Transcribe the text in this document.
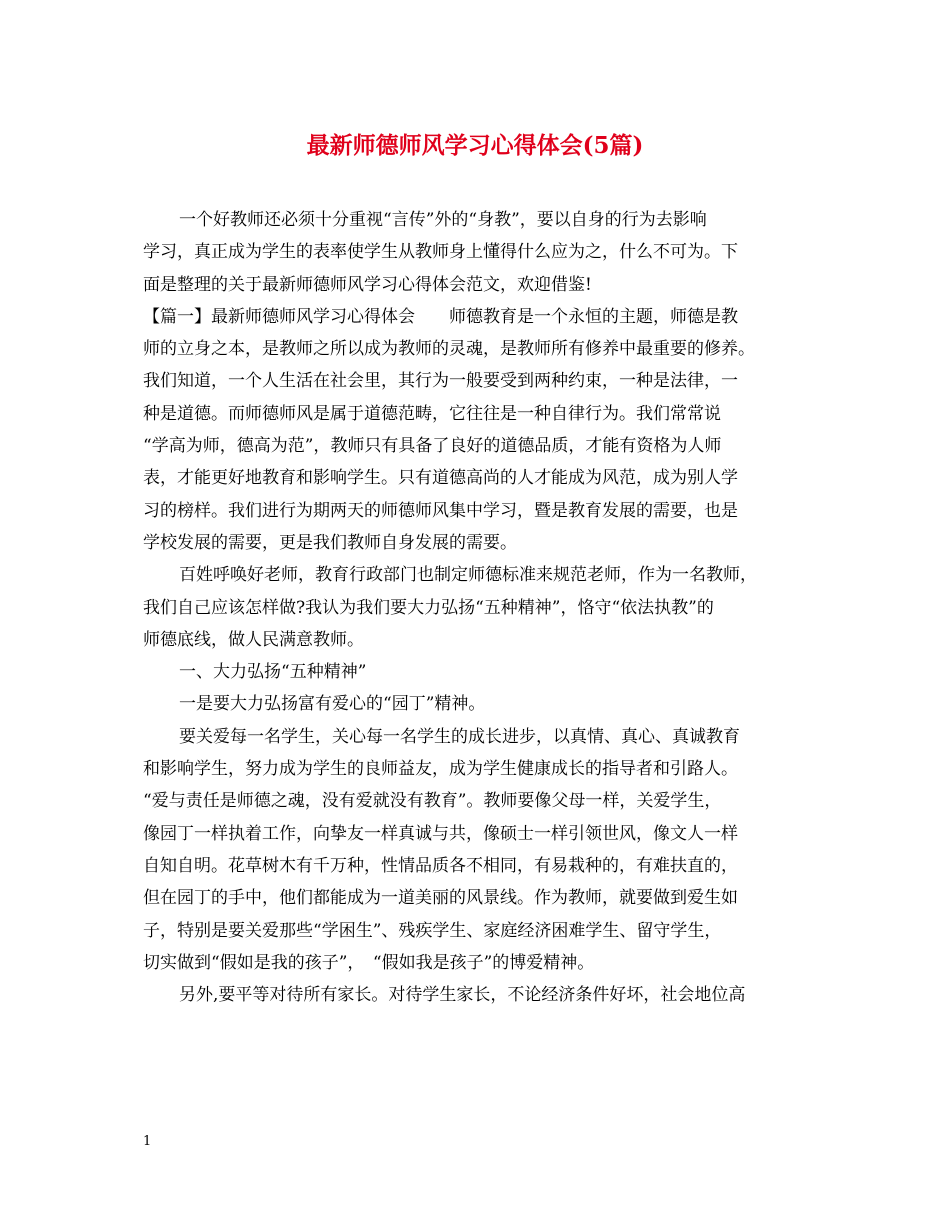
最新师德师风学习心得体会(5篇)
一个好教师还必须十分重视“言传”外的“身教”，要以自身的行为去影响
学习，真正成为学生的表率使学生从教师身上懂得什么应为之，什么不可为。下
面是整理的关于最新师德师风学习心得体会范文，欢迎借鉴!
【篇一】最新师德师风学习心得体会　　师德教育是一个永恒的主题，师德是教
师的立身之本，是教师之所以成为教师的灵魂，是教师所有修养中最重要的修养。
我们知道，一个人生活在社会里，其行为一般要受到两种约束，一种是法律，一
种是道德。而师德师风是属于道德范畴，它往往是一种自律行为。我们常常说
“学高为师，德高为范”，教师只有具备了良好的道德品质，才能有资格为人师
表，才能更好地教育和影响学生。只有道德高尚的人才能成为风范，成为别人学
习的榜样。我们进行为期两天的师德师风集中学习，暨是教育发展的需要，也是
学校发展的需要，更是我们教师自身发展的需要。
百姓呼唤好老师，教育行政部门也制定师德标准来规范老师，作为一名教师，
我们自己应该怎样做?我认为我们要大力弘扬“五种精神”，恪守“依法执教”的
师德底线，做人民满意教师。
一、大力弘扬“五种精神”
一是要大力弘扬富有爱心的“园丁”精神。
要关爱每一名学生，关心每一名学生的成长进步，以真情、真心、真诚教育
和影响学生，努力成为学生的良师益友，成为学生健康成长的指导者和引路人。
“爱与责任是师德之魂，没有爱就没有教育”。教师要像父母一样，关爱学生，
像园丁一样执着工作，向挚友一样真诚与共，像硕士一样引领世风，像文人一样
自知自明。花草树木有千万种，性情品质各不相同，有易栽种的，有难扶直的，
但在园丁的手中，他们都能成为一道美丽的风景线。作为教师，就要做到爱生如
子，特别是要关爱那些“学困生”、残疾学生、家庭经济困难学生、留守学生，
切实做到“假如是我的孩子”，　“假如我是孩子”的博爱精神。
另外,要平等对待所有家长。对待学生家长，不论经济条件好坏，社会地位高
1
